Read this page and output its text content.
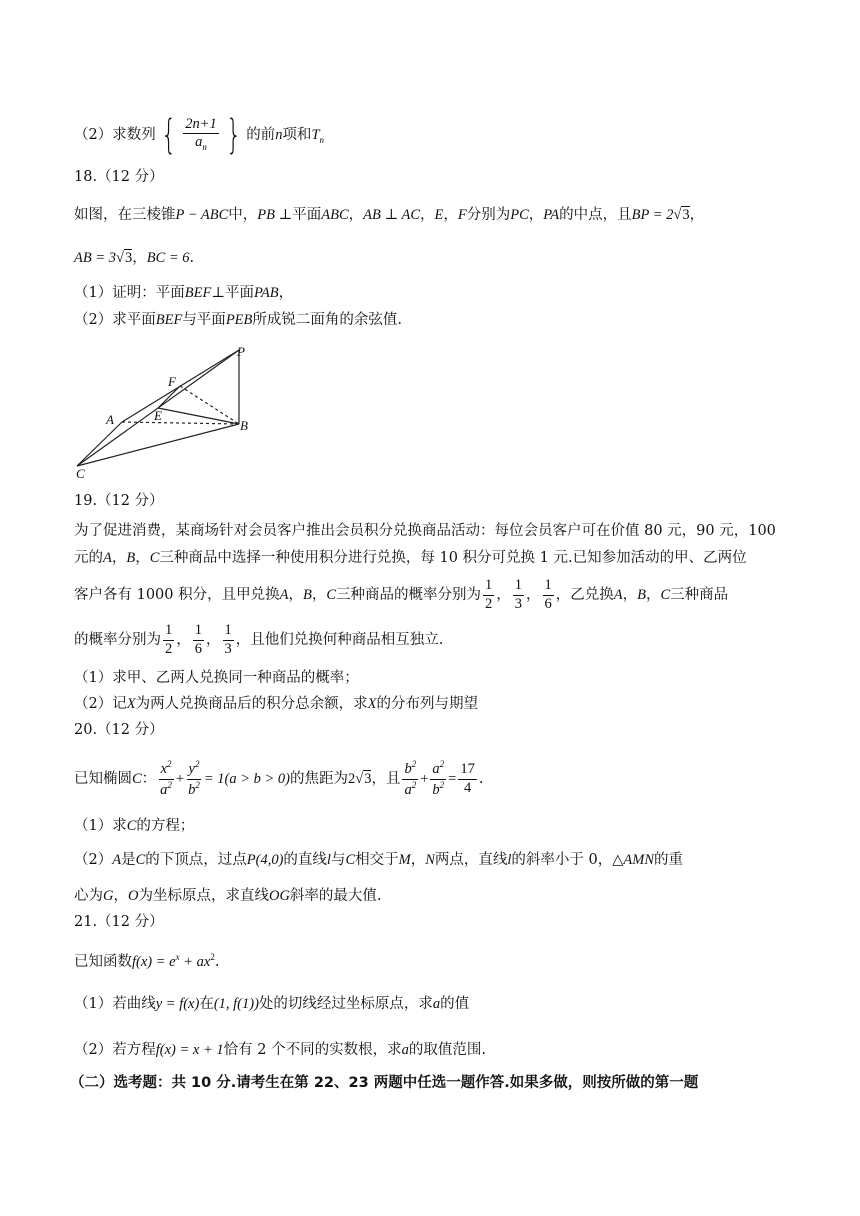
（2）求数列 { $\frac{2n+1}{a_n}$ } 的前n项和$T_n$
18.（12 分）
如图，在三棱锥P − ABC中，PB ⊥平面ABC，AB ⊥ AC，E，F分别为PC，PA的中点，且BP = 2√3，
AB = 3√3，BC = 6.
（1）证明：平面BEF⊥平面PAB，
（2）求平面BEF与平面PEB所成锐二面角的余弦值.
P
F
E
A	B
C
19.（12 分）
为了促进消费，某商场针对会员客户推出会员积分兑换商品活动：每位会员客户可在价值 80 元，90 元，100
元的A，B，C三种商品中选择一种使用积分进行兑换，每 10 积分可兑换 1 元.已知参加活动的甲、乙两位
客户各有 1000 积分，且甲兑换A，B，C三种商品的概率分别为 $\frac{1}{2}$ ， $\frac{1}{3}$ ， $\frac{1}{6}$ ，乙兑换A，B，C三种商品
的概率分别为 $\frac{1}{2}$ ， $\frac{1}{6}$ ， $\frac{1}{3}$ ，且他们兑换何种商品相互独立.
（1）求甲、乙两人兑换同一种商品的概率；
（2）记X为两人兑换商品后的积分总余额，求X的分布列与期望
20.（12 分）
已知椭圆C： $\frac{x^2}{a^2} + \frac{y^2}{b^2} = 1(a > b > 0)$的焦距为2√3，且 $\frac{b^2}{a^2} + \frac{a^2}{b^2} = \frac{17}{4}$ .
（1）求C的方程；
（2）A是C的下顶点，过点P(4,0)的直线l与C相交于M，N两点，直线l的斜率小于 0，△AMN的重
心为G，O为坐标原点，求直线OG斜率的最大值.
21.（12 分）
已知函数$f(x) = e^x + ax^2$.
（1）若曲线y = f(x)在(1, f(1))处的切线经过坐标原点，求a的值
（2）若方程f(x) = x + 1恰有 2 个不同的实数根，求a的取值范围.
（二）选考题：共 10 分.请考生在第 22、23 两题中任选一题作答.如果多做，则按所做的第一题
